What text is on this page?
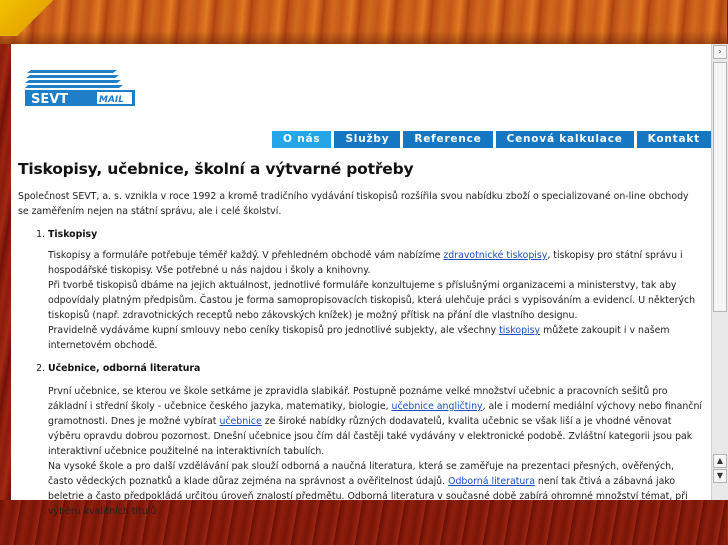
SEVT	MAIL
O nás	Služby	Reference	Cenová kalkulace	Kontakt
Tiskopisy, učebnice, školní a výtvarné potřeby

Společnost SEVT, a. s. vznikla v roce 1992 a kromě tradičního vydávání tiskopisů rozšířila svou nabídku zboží o specializované on-line obchody se zaměřením nejen na státní správu, ale i celé školství.

1. Tiskopisy
Tiskopisy a formuláře potřebuje téměř každý. V přehledném obchodě vám nabízíme zdravotnické tiskopisy, tiskopisy pro státní správu i hospodářské tiskopisy. Vše potřebné u nás najdou i školy a knihovny.
Při tvorbě tiskopisů dbáme na jejich aktuálnost, jednotlivé formuláře konzultujeme s příslušnými organizacemi a ministerstvy, tak aby odpovídaly platným předpisům. Častou je forma samopropisovacích tiskopisů, která ulehčuje práci s vypisováním a evidencí. U některých tiskopisů (např. zdravotnických receptů nebo zákovských knížek) je možný přítisk na přání dle vlastního designu.
Pravidelně vydáváme kupní smlouvy nebo ceníky tiskopisů pro jednotlivé subjekty, ale všechny tiskopisy můžete zakoupit i v našem internetovém obchodě.
2. Učebnice, odborná literatura
První učebnice, se kterou ve škole setkáme je zpravidla slabikář. Postupně poznáme velké množství učebnic a pracovních sešitů pro základní i střední školy - učebnice českého jazyka, matematiky, biologie, učebnice angličtiny, ale i moderní mediální výchovy nebo finanční gramotnosti. Dnes je možné vybírat učebnice ze široké nabídky různých dodavatelů, kvalita učebnic se však liší a je vhodné věnovat výběru opravdu dobrou pozornost. Dnešní učebnice jsou čím dál častěji také vydávány v elektronické podobě. Zvláštní kategorii jsou pak interaktivní učebnice použitelné na interaktivních tabulích.
Na vysoké škole a pro další vzdělávání pak slouží odborná a naučná literatura, která se zaměřuje na prezentaci přesných, ověřených, často vědeckých poznatků a klade důraz zejména na správnost a ověřitelnost údajů. Odborná literatura není tak čtivá a zábavná jako beletrie a často předpokládá určitou úroveň znalostí předmětu. Odborná literatura v současné době zabírá ohromné množství témat, při výběru kvalitních titulů
›
▲
▼
